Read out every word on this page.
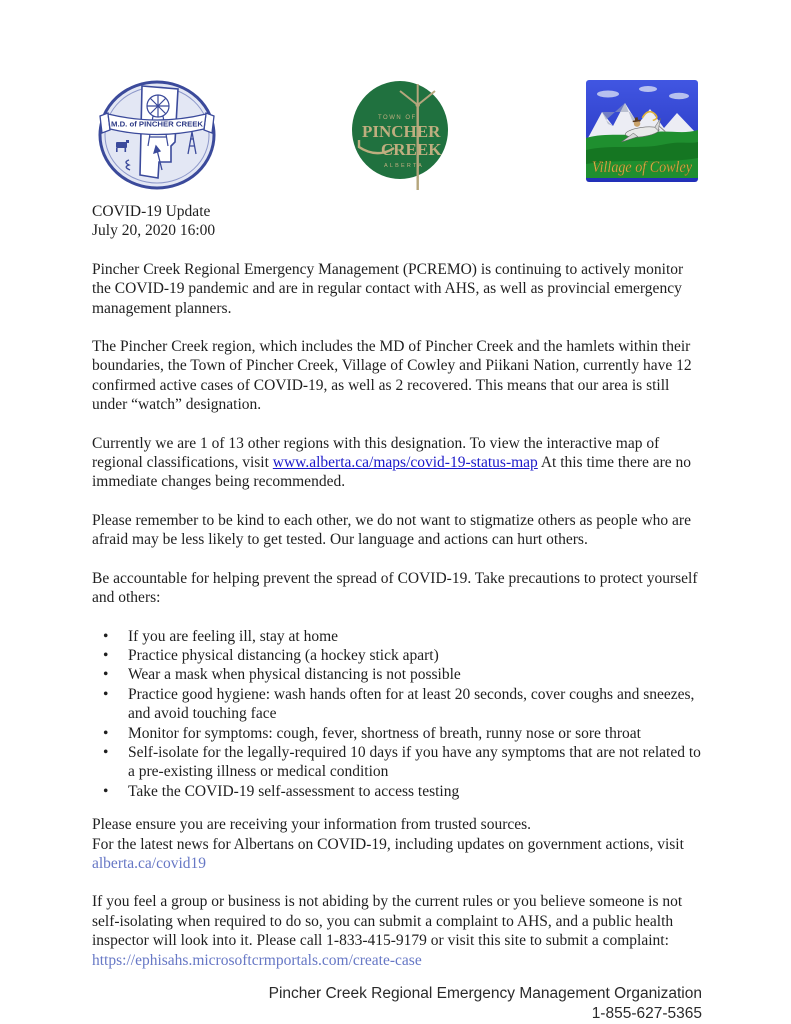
M.D. of PINCHER CREEK
TOWN OF
PINCHER
CREEK
ALBERTA	Village of Cowley
COVID-19 Update
July 20, 2020 16:00

Pincher Creek Regional Emergency Management (PCREMO) is continuing to actively monitor the COVID-19 pandemic and are in regular contact with AHS, as well as provincial emergency management planners.

The Pincher Creek region, which includes the MD of Pincher Creek and the hamlets within their boundaries, the Town of Pincher Creek, Village of Cowley and Piikani Nation, currently have 12 confirmed active cases of COVID-19, as well as 2 recovered. This means that our area is still under “watch” designation.

Currently we are 1 of 13 other regions with this designation. To view the interactive map of regional classifications, visit www.alberta.ca/maps/covid-19-status-map At this time there are no immediate changes being recommended.

Please remember to be kind to each other, we do not want to stigmatize others as people who are afraid may be less likely to get tested. Our language and actions can hurt others.

Be accountable for helping prevent the spread of COVID-19. Take precautions to protect yourself and others:

• If you are feeling ill, stay at home
• Practice physical distancing (a hockey stick apart)
• Wear a mask when physical distancing is not possible
• Practice good hygiene: wash hands often for at least 20 seconds, cover coughs and sneezes, and avoid touching face
• Monitor for symptoms: cough, fever, shortness of breath, runny nose or sore throat
• Self-isolate for the legally-required 10 days if you have any symptoms that are not related to a pre-existing illness or medical condition
• Take the COVID-19 self-assessment to access testing
Please ensure you are receiving your information from trusted sources.
For the latest news for Albertans on COVID-19, including updates on government actions, visit
alberta.ca/covid19

If you feel a group or business is not abiding by the current rules or you believe someone is not self-isolating when required to do so, you can submit a complaint to AHS, and a public health inspector will look into it. Please call 1-833-415-9179 or visit this site to submit a complaint:
https://ephisahs.microsoftcrmportals.com/create-case

Pincher Creek Regional Emergency Management Organization
1-855-627-5365
